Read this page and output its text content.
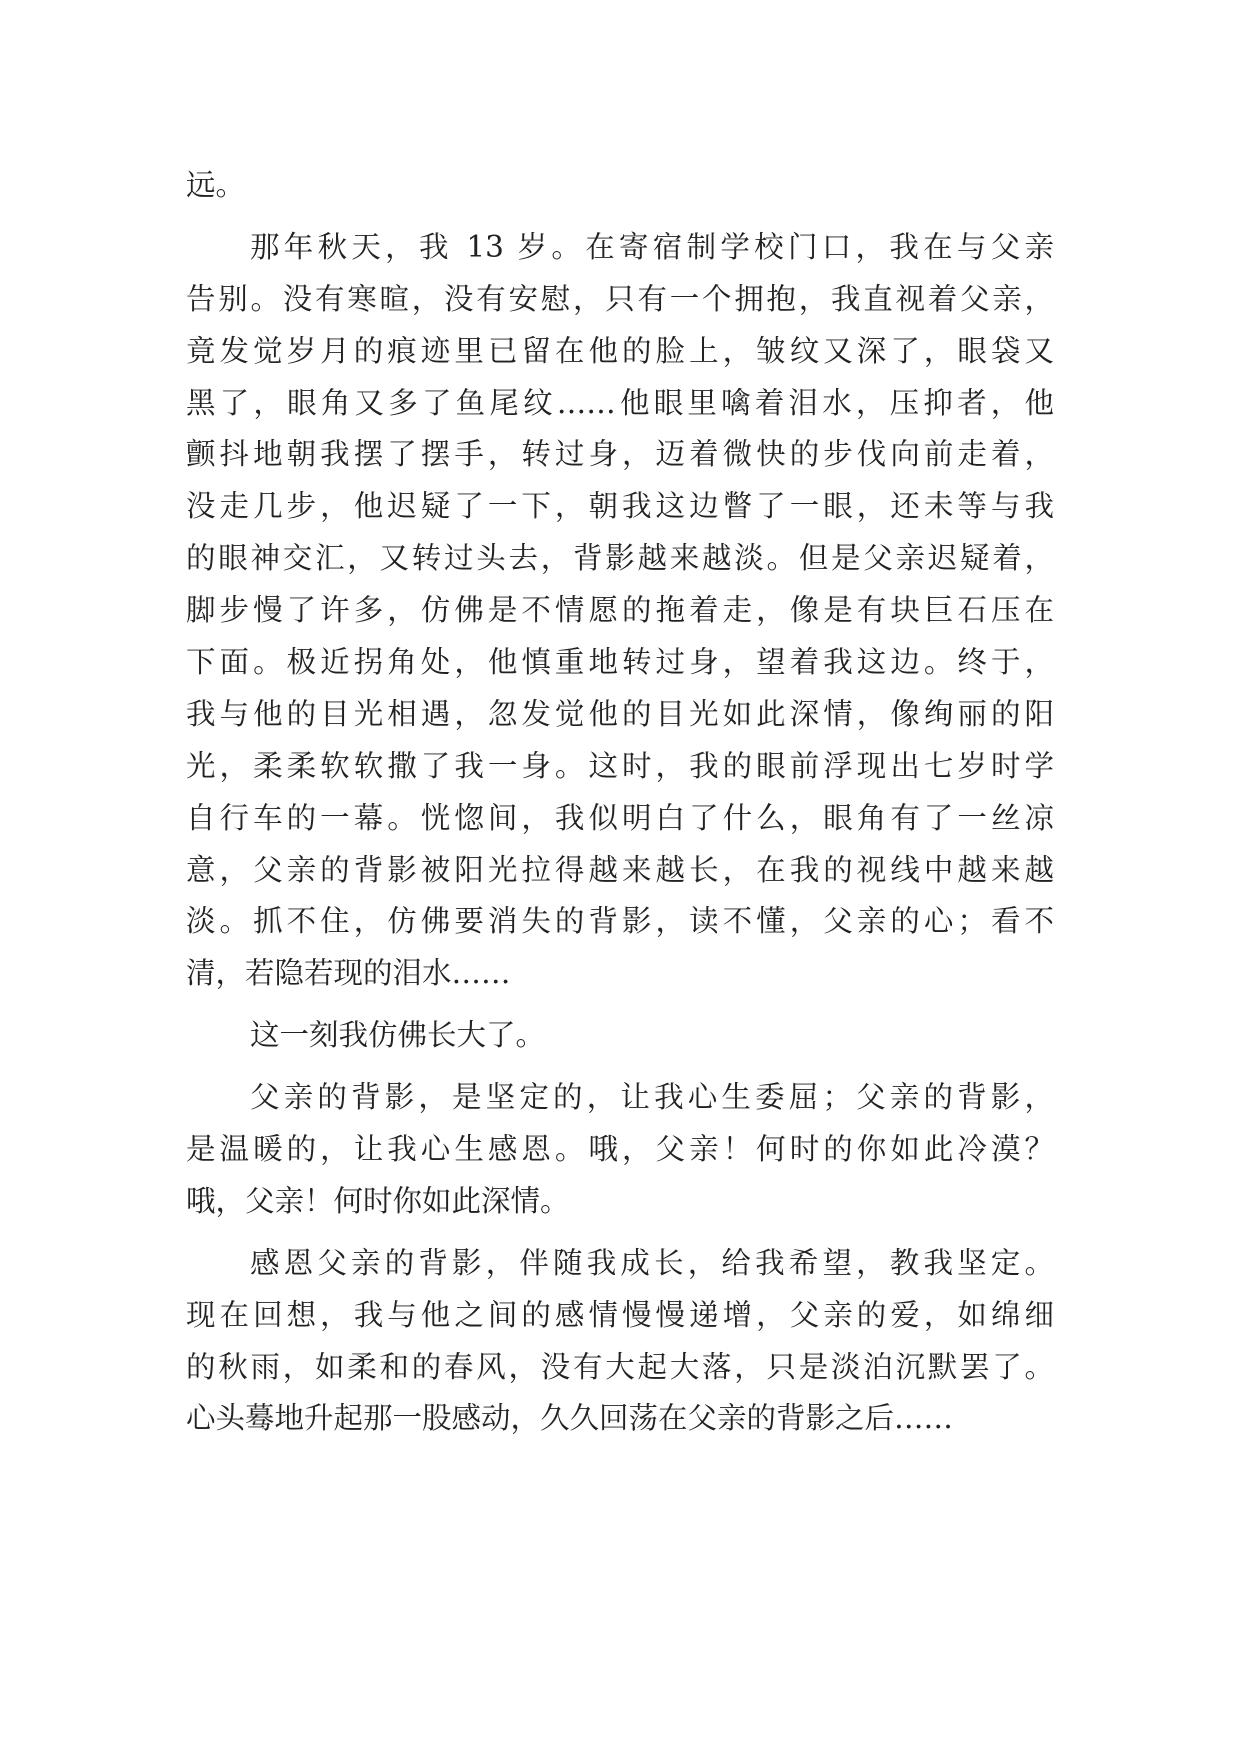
远。
那年秋天，我 13 岁。在寄宿制学校门口，我在与父亲
告别。没有寒暄，没有安慰，只有一个拥抱，我直视着父亲，
竟发觉岁月的痕迹里已留在他的脸上，皱纹又深了，眼袋又
黑了，眼角又多了鱼尾纹……他眼里噙着泪水，压抑者，他
颤抖地朝我摆了摆手，转过身，迈着微快的步伐向前走着，
没走几步，他迟疑了一下，朝我这边瞥了一眼，还未等与我
的眼神交汇，又转过头去，背影越来越淡。但是父亲迟疑着，
脚步慢了许多，仿佛是不情愿的拖着走，像是有块巨石压在
下面。极近拐角处，他慎重地转过身，望着我这边。终于，
我与他的目光相遇，忽发觉他的目光如此深情，像绚丽的阳
光，柔柔软软撒了我一身。这时，我的眼前浮现出七岁时学
自行车的一幕。恍惚间，我似明白了什么，眼角有了一丝凉
意，父亲的背影被阳光拉得越来越长，在我的视线中越来越
淡。抓不住，仿佛要消失的背影，读不懂，父亲的心；看不
清，若隐若现的泪水……
这一刻我仿佛长大了。
父亲的背影，是坚定的，让我心生委屈；父亲的背影，
是温暖的，让我心生感恩。哦，父亲！何时的你如此冷漠？
哦，父亲！何时你如此深情。
感恩父亲的背影，伴随我成长，给我希望，教我坚定。
现在回想，我与他之间的感情慢慢递增，父亲的爱，如绵细
的秋雨，如柔和的春风，没有大起大落，只是淡泊沉默罢了。
心头蓦地升起那一股感动，久久回荡在父亲的背影之后……
